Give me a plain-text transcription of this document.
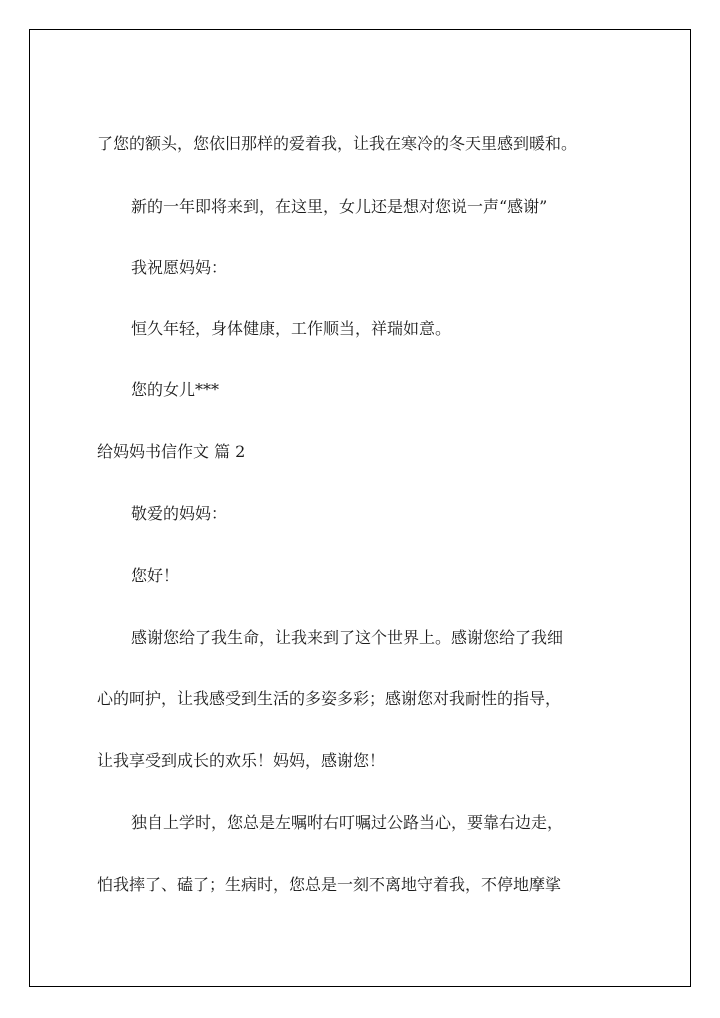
了您的额头，您依旧那样的爱着我，让我在寒冷的冬天里感到暖和。
新的一年即将来到，在这里，女儿还是想对您说一声“感谢”
我祝愿妈妈：
恒久年轻，身体健康，工作顺当，祥瑞如意。
您的女儿***
给妈妈书信作文 篇 2
敬爱的妈妈：
您好！
感谢您给了我生命，让我来到了这个世界上。感谢您给了我细
心的呵护，让我感受到生活的多姿多彩；感谢您对我耐性的指导，
让我享受到成长的欢乐！妈妈，感谢您！
独自上学时，您总是左嘱咐右叮嘱过公路当心，要靠右边走，
怕我摔了、磕了；生病时，您总是一刻不离地守着我，不停地摩挲
